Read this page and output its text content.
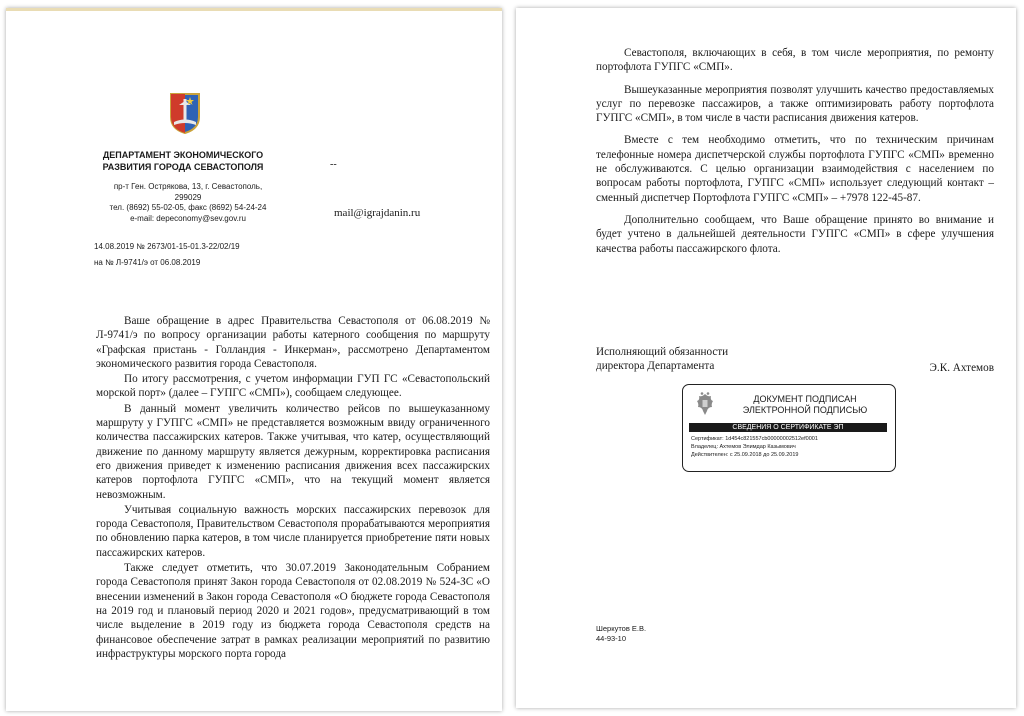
ДЕПАРТАМЕНТ ЭКОНОМИЧЕСКОГО РАЗВИТИЯ ГОРОДА СЕВАСТОПОЛЯ
пр-т Ген. Острякова, 13, г. Севастополь,
299029
тел. (8692) 55-02-05, факс (8692) 54-24-24
e-mail: depeconomy@sev.gov.ru
--
mail@igrajdanin.ru
14.08.2019 № 2673/01-15-01.3-22/02/19
на № Л-9741/э от 06.08.2019

Ваше обращение в адрес Правительства Севастополя от 06.08.2019 № Л-9741/э по вопросу организации работы катерного сообщения по маршруту «Графская пристань - Голландия - Инкерман», рассмотрено Департаментом экономического развития города Севастополя.

По итогу рассмотрения, с учетом информации ГУП ГС «Севастопольский морской порт» (далее – ГУПГС «СМП»), сообщаем следующее.

В данный момент увеличить количество рейсов по вышеуказанному маршруту у ГУПГС «СМП» не представляется возможным ввиду ограниченного количества пассажирских катеров. Также учитывая, что катер, осуществляющий движение по данному маршруту является дежурным, корректировка расписания его движения приведет к изменению расписания движения всех пассажирских катеров портофлота ГУПГС «СМП», что на текущий момент является невозможным.

Учитывая социальную важность морских пассажирских перевозок для города Севастополя, Правительством Севастополя прорабатываются мероприятия по обновлению парка катеров, в том числе планируется приобретение пяти новых пассажирских катеров.

Также следует отметить, что 30.07.2019 Законодательным Собранием города Севастополя принят Закон города Севастополя от 02.08.2019 № 524-ЗС «О внесении изменений в Закон города Севастополя «О бюджете города Севастополя на 2019 год и плановый период 2020 и 2021 годов», предусматривающий в том числе выделение в 2019 году из бюджета города Севастополя средств на финансовое обеспечение затрат в рамках реализации мероприятий по развитию инфраструктуры морского порта города

Севастополя, включающих в себя, в том числе мероприятия, по ремонту портофлота ГУПГС «СМП».

Вышеуказанные мероприятия позволят улучшить качество предоставляемых услуг по перевозке пассажиров, а также оптимизировать работу портофлота ГУПГС «СМП», в том числе в части расписания движения катеров.

Вместе с тем необходимо отметить, что по техническим причинам телефонные номера диспетчерской службы портофлота ГУПГС «СМП» временно не обслуживаются. С целью организации взаимодействия с населением по вопросам работы портофлота, ГУПГС «СМП» использует следующий контакт – сменный диспетчер Портофлота ГУПГС «СМП» – +7978 122-45-87.

Дополнительно сообщаем, что Ваше обращение принято во внимание и будет учтено в дальнейшей деятельности ГУПГС «СМП» в сфере улучшения качества работы пассажирского флота.

Исполняющий обязанности
директора Департамента	Э.К. Ахтемов
ДОКУМЕНТ ПОДПИСАН
ЭЛЕКТРОННОЙ ПОДПИСЬЮ
СВЕДЕНИЯ О СЕРТИФИКАТЕ ЭП
Сертификат: 1d454c821557cb00000002512ef0001
Владелец: Ахтемов Элимдар Казымович
Действителен: с 25.09.2018 до 25.09.2019
Шеркутов Е.В.
44-93-10
